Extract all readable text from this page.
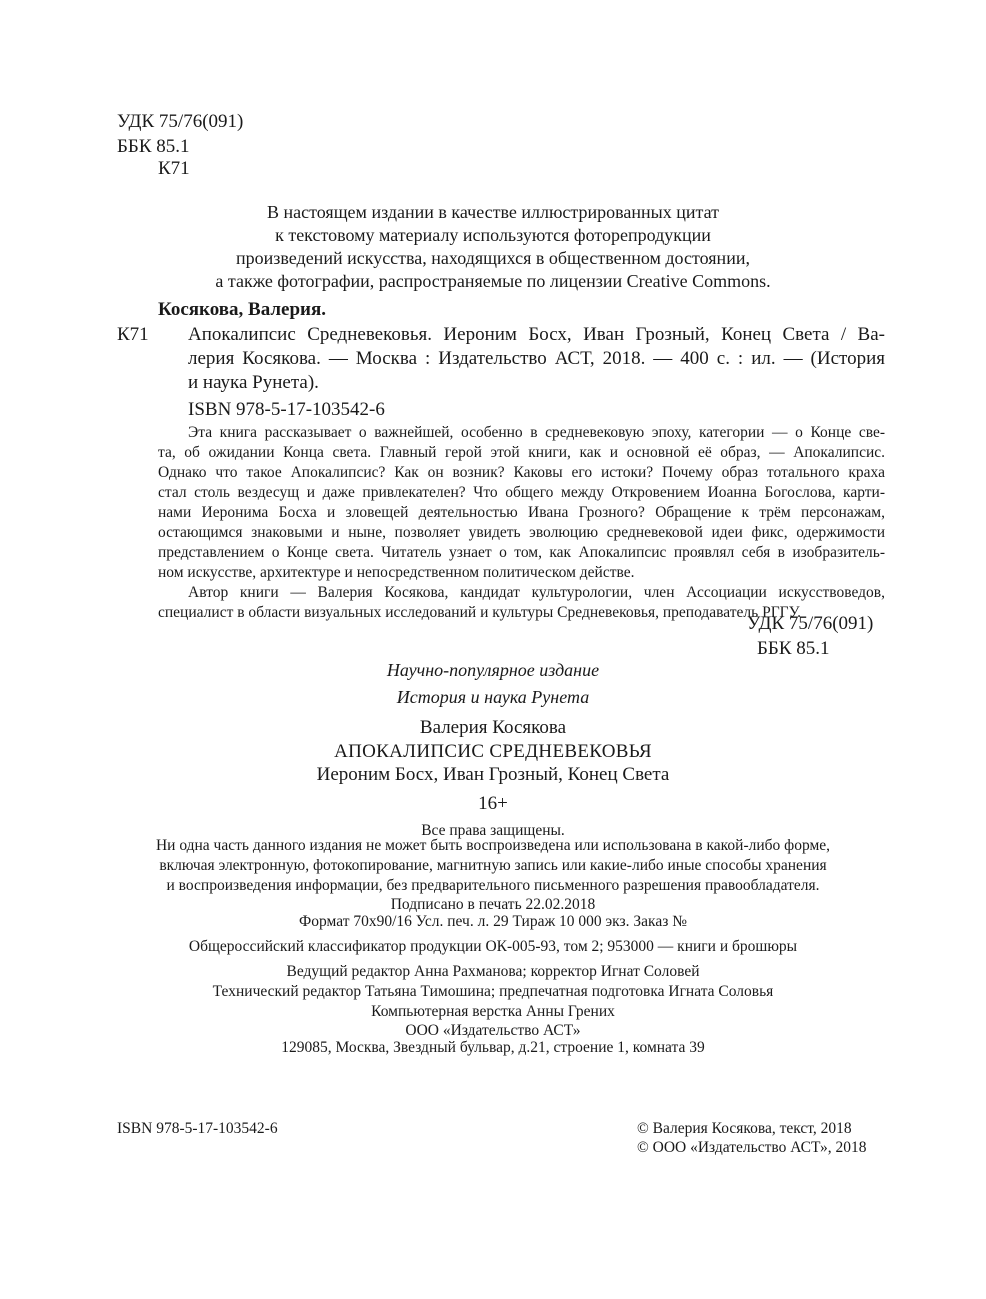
УДК 75/76(091)
ББК 85.1
К71
В настоящем издании в качестве иллюстрированных цитат
к текстовому материалу используются фоторепродукции
произведений искусства, находящихся в общественном достоянии,
а также фотографии, распространяемые по лицензии Creative Commons.
Косякова, Валерия.
К71 Апокалипсис Средневековья. Иероним Босх, Иван Грозный, Конец Света / Ва-
лерия Косякова. — Москва : Издательство АСТ, 2018. — 400 с. : ил. — (История
и наука Рунета).
ISBN 978-5-17-103542-6
Эта книга рассказывает о важнейшей, особенно в средневековую эпоху, категории — о Конце све-
та, об ожидании Конца света. Главный герой этой книги, как и основной её образ, — Апокалипсис.
Однако что такое Апокалипсис? Как он возник? Каковы его истоки? Почему образ тотального краха
стал столь вездесущ и даже привлекателен? Что общего между Откровением Иоанна Богослова, карти-
нами Иеронима Босха и зловещей деятельностью Ивана Грозного? Обращение к трём персонажам,
остающимся знаковыми и ныне, позволяет увидеть эволюцию средневековой идеи фикс, одержимости
представлением о Конце света. Читатель узнает о том, как Апокалипсис проявлял себя в изобразитель-
ном искусстве, архитектуре и непосредственном политическом действе.
Автор книги — Валерия Косякова, кандидат культурологии, член Ассоциации искусствоведов,
специалист в области визуальных исследований и культуры Средневековья, преподаватель РГГУ.
УДК 75/76(091)
ББК 85.1
Научно-популярное издание
История и наука Рунета
Валерия Косякова
АПОКАЛИПСИС СРЕДНЕВЕКОВЬЯ
Иероним Босх, Иван Грозный, Конец Света
16+
Все права защищены.
Ни одна часть данного издания не может быть воспроизведена или использована в какой-либо форме,
включая электронную, фотокопирование, магнитную запись или какие-либо иные способы хранения
и воспроизведения информации, без предварительного письменного разрешения правообладателя.
Подписано в печать 22.02.2018
Формат 70x90/16 Усл. печ. л. 29 Тираж 10 000 экз. Заказ №
Общероссийский классификатор продукции ОК-005-93, том 2; 953000 — книги и брошюры
Ведущий редактор Анна Рахманова; корректор Игнат Соловей
Технический редактор Татьяна Тимошина; предпечатная подготовка Игната Соловья
Компьютерная верстка Анны Грених
ООО «Издательство АСТ»
129085, Москва, Звездный бульвар, д.21, строение 1, комната 39
ISBN 978-5-17-103542-6	© Валерия Косякова, текст, 2018
© ООО «Издательство АСТ», 2018
